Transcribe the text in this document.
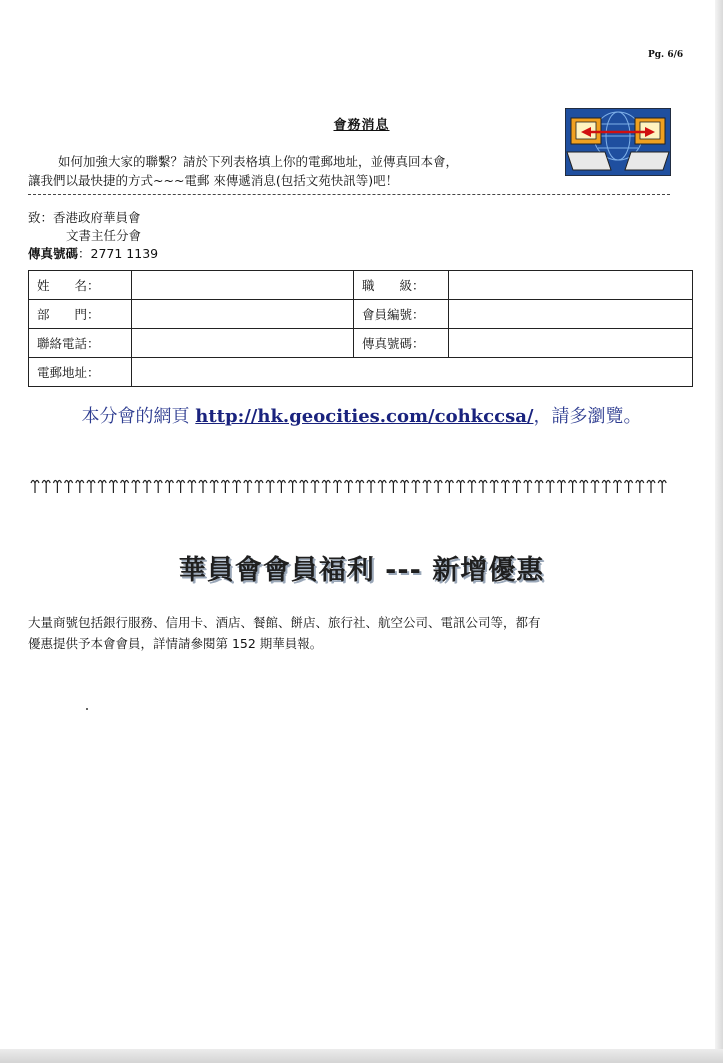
Pg. 6/6
會務消息
如何加強大家的聯繫？請於下列表格填上你的電郵地址，並傳真回本會，
讓我們以最快捷的方式~~~電郵 來傳遞消息(包括文苑快訊等)吧！
致：香港政府華員會
文書主任分會
傳真號碼：2771 1139
姓　　名：		職　　級：	
部　　門：		會員編號：	
聯絡電話：		傳真號碼：	
電郵地址：			
本分會的網頁 http://hk.geocities.com/cohkccsa/，請多瀏覽。
華員會會員福利 --- 新增優惠
大量商號包括銀行服務、信用卡、酒店、餐館、餅店、旅行社、航空公司、電訊公司等，都有
優惠提供予本會會員，詳情請參閱第 152 期華員報。
